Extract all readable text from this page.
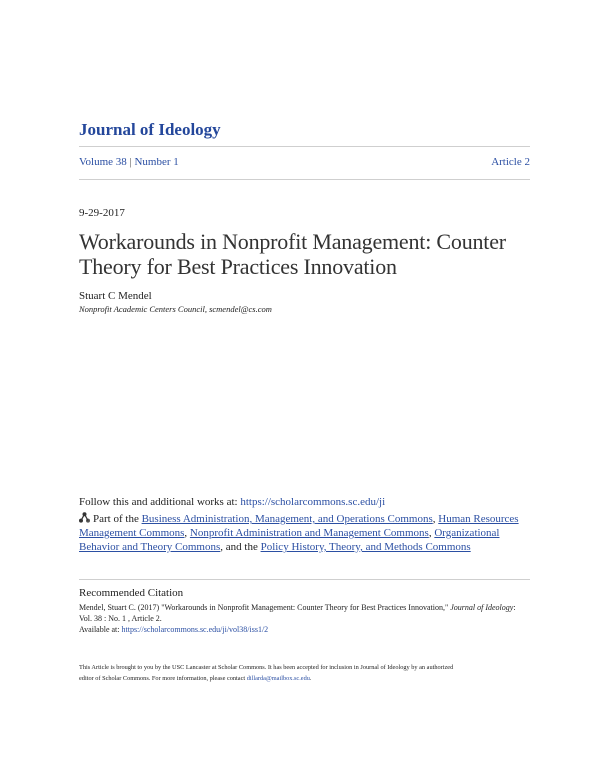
Journal of Ideology
Volume 38 | Number 1	Article 2
9-29-2017
Workarounds in Nonprofit Management: Counter
Theory for Best Practices Innovation
Stuart C Mendel
Nonprofit Academic Centers Council, scmendel@cs.com
Follow this and additional works at: https://scholarcommons.sc.edu/ji
Part of the Business Administration, Management, and Operations Commons, Human Resources Management Commons, Nonprofit Administration and Management Commons, Organizational Behavior and Theory Commons, and the Policy History, Theory, and Methods Commons
Recommended Citation
Mendel, Stuart C. (2017) "Workarounds in Nonprofit Management: Counter Theory for Best Practices Innovation," Journal of Ideology: Vol. 38 : No. 1 , Article 2.
Available at: https://scholarcommons.sc.edu/ji/vol38/iss1/2
This Article is brought to you by the USC Lancaster at Scholar Commons. It has been accepted for inclusion in Journal of Ideology by an authorized
editor of Scholar Commons. For more information, please contact dillarda@mailbox.sc.edu.
